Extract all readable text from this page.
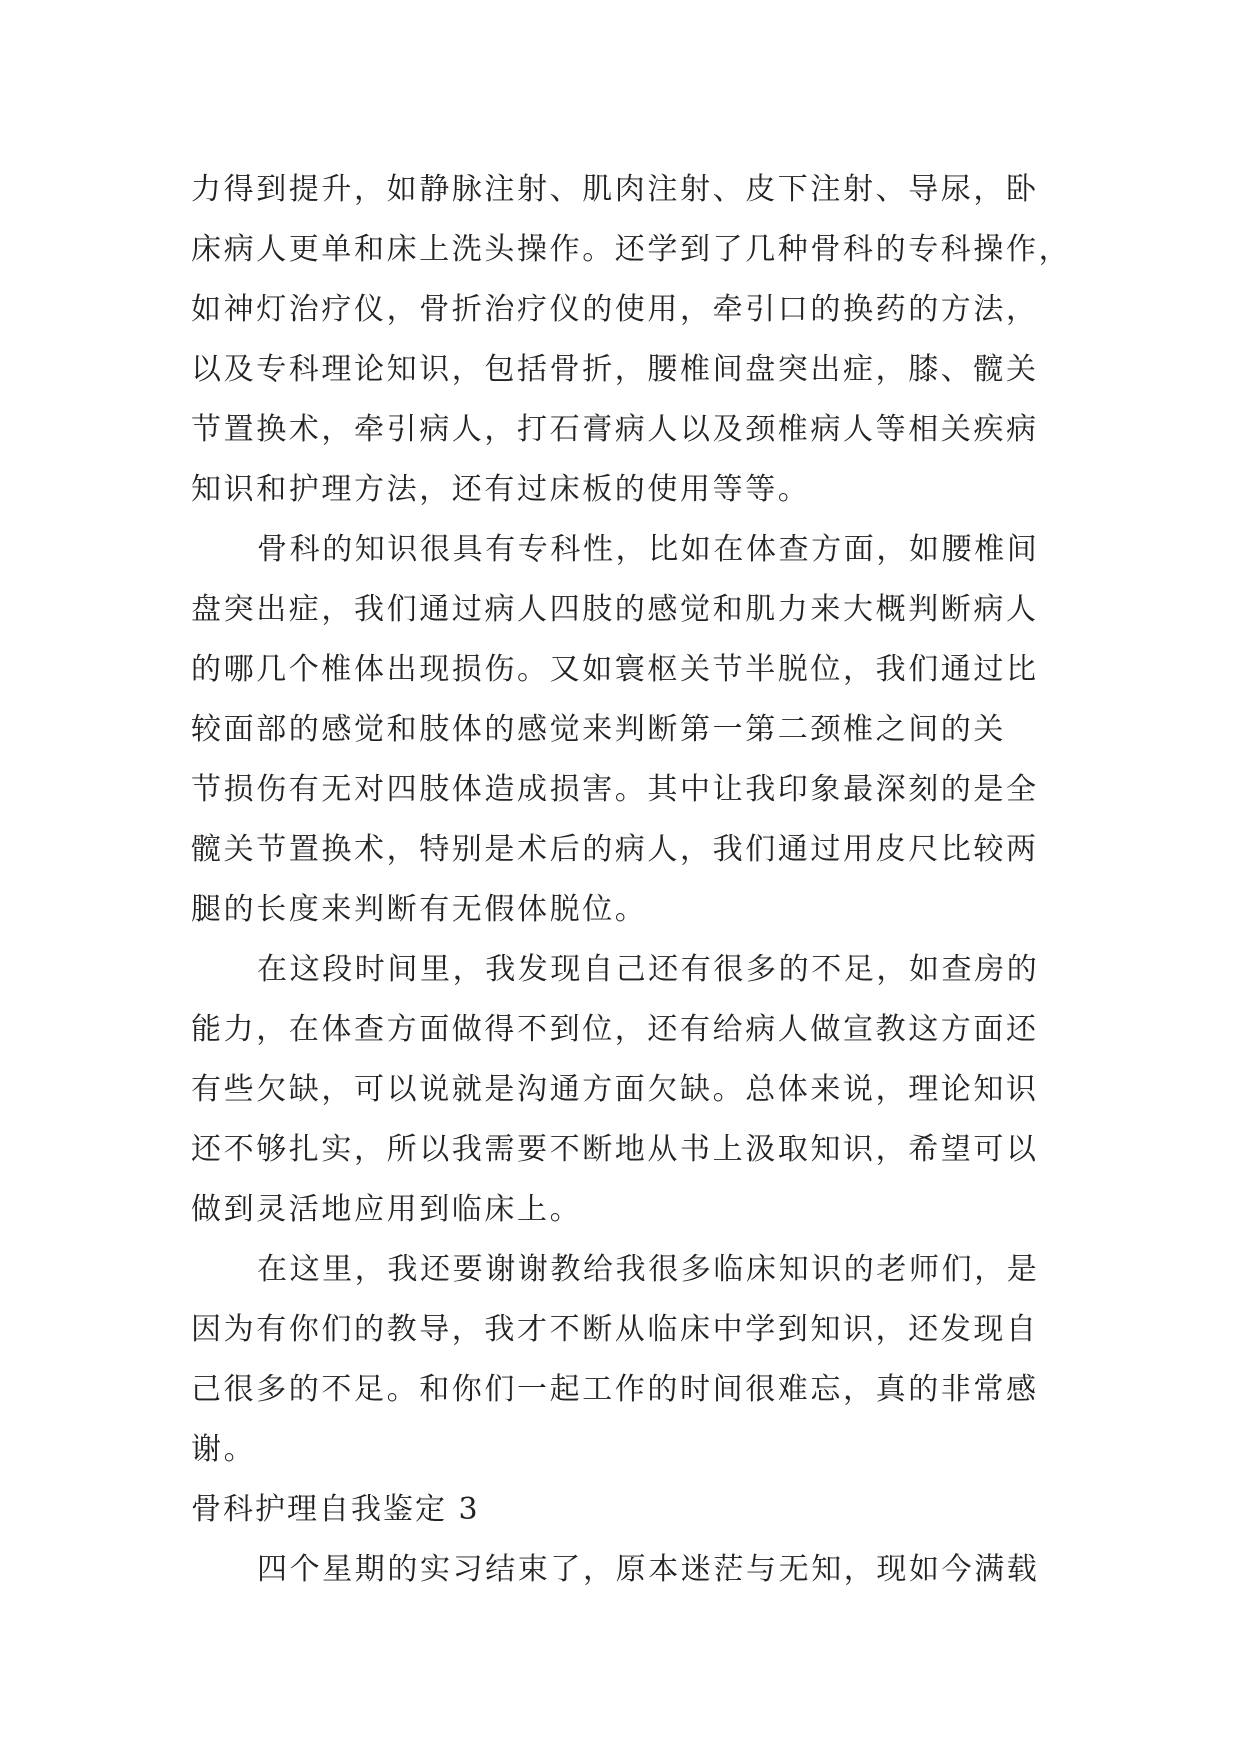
力得到提升，如静脉注射、肌肉注射、皮下注射、导尿，卧
床病人更单和床上洗头操作。还学到了几种骨科的专科操作，
如神灯治疗仪，骨折治疗仪的使用，牵引口的换药的方法，
以及专科理论知识，包括骨折，腰椎间盘突出症，膝、髋关
节置换术，牵引病人，打石膏病人以及颈椎病人等相关疾病
知识和护理方法，还有过床板的使用等等。
骨科的知识很具有专科性，比如在体查方面，如腰椎间
盘突出症，我们通过病人四肢的感觉和肌力来大概判断病人
的哪几个椎体出现损伤。又如寰枢关节半脱位，我们通过比
较面部的感觉和肢体的感觉来判断第一第二颈椎之间的关
节损伤有无对四肢体造成损害。其中让我印象最深刻的是全
髋关节置换术，特别是术后的病人，我们通过用皮尺比较两
腿的长度来判断有无假体脱位。
在这段时间里，我发现自己还有很多的不足，如查房的
能力，在体查方面做得不到位，还有给病人做宣教这方面还
有些欠缺，可以说就是沟通方面欠缺。总体来说，理论知识
还不够扎实，所以我需要不断地从书上汲取知识，希望可以
做到灵活地应用到临床上。
在这里，我还要谢谢教给我很多临床知识的老师们，是
因为有你们的教导，我才不断从临床中学到知识，还发现自
己很多的不足。和你们一起工作的时间很难忘，真的非常感
谢。
骨科护理自我鉴定 3
四个星期的实习结束了，原本迷茫与无知，现如今满载
